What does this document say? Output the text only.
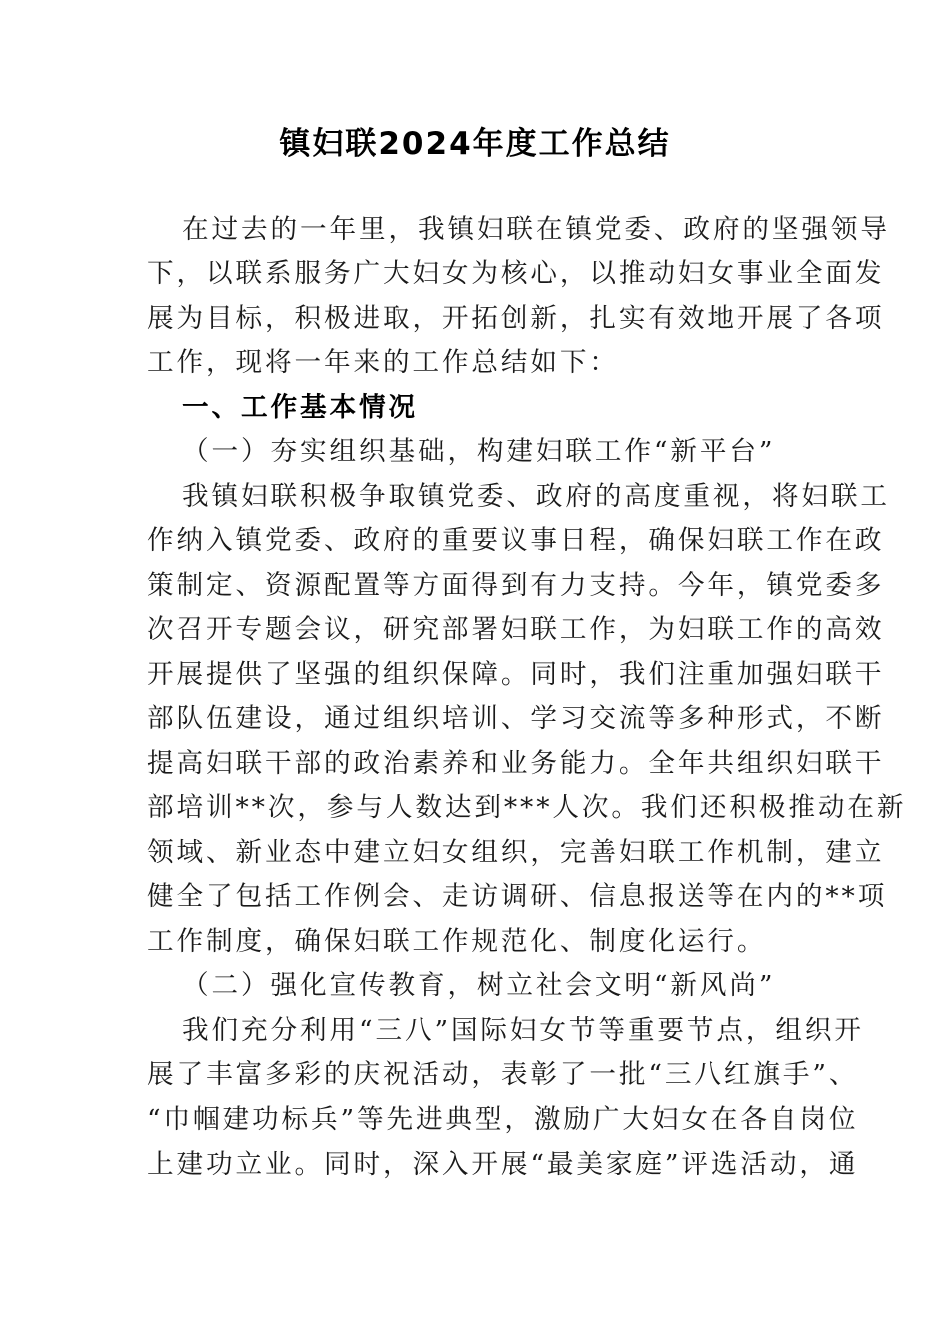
镇妇联2024年度工作总结
在过去的一年里，我镇妇联在镇党委、政府的坚强领导
下，以联系服务广大妇女为核心，以推动妇女事业全面发
展为目标，积极进取，开拓创新，扎实有效地开展了各项
工作，现将一年来的工作总结如下：
一、工作基本情况
（一）夯实组织基础，构建妇联工作“新平台”
我镇妇联积极争取镇党委、政府的高度重视，将妇联工
作纳入镇党委、政府的重要议事日程，确保妇联工作在政
策制定、资源配置等方面得到有力支持。今年，镇党委多
次召开专题会议，研究部署妇联工作，为妇联工作的高效
开展提供了坚强的组织保障。同时，我们注重加强妇联干
部队伍建设，通过组织培训、学习交流等多种形式，不断
提高妇联干部的政治素养和业务能力。全年共组织妇联干
部培训**次，参与人数达到***人次。我们还积极推动在新
领域、新业态中建立妇女组织，完善妇联工作机制，建立
健全了包括工作例会、走访调研、信息报送等在内的**项
工作制度，确保妇联工作规范化、制度化运行。
（二）强化宣传教育，树立社会文明“新风尚”
我们充分利用“三八”国际妇女节等重要节点，组织开
展了丰富多彩的庆祝活动，表彰了一批“三八红旗手”、
“巾帼建功标兵”等先进典型，激励广大妇女在各自岗位
上建功立业。同时，深入开展“最美家庭”评选活动，通
